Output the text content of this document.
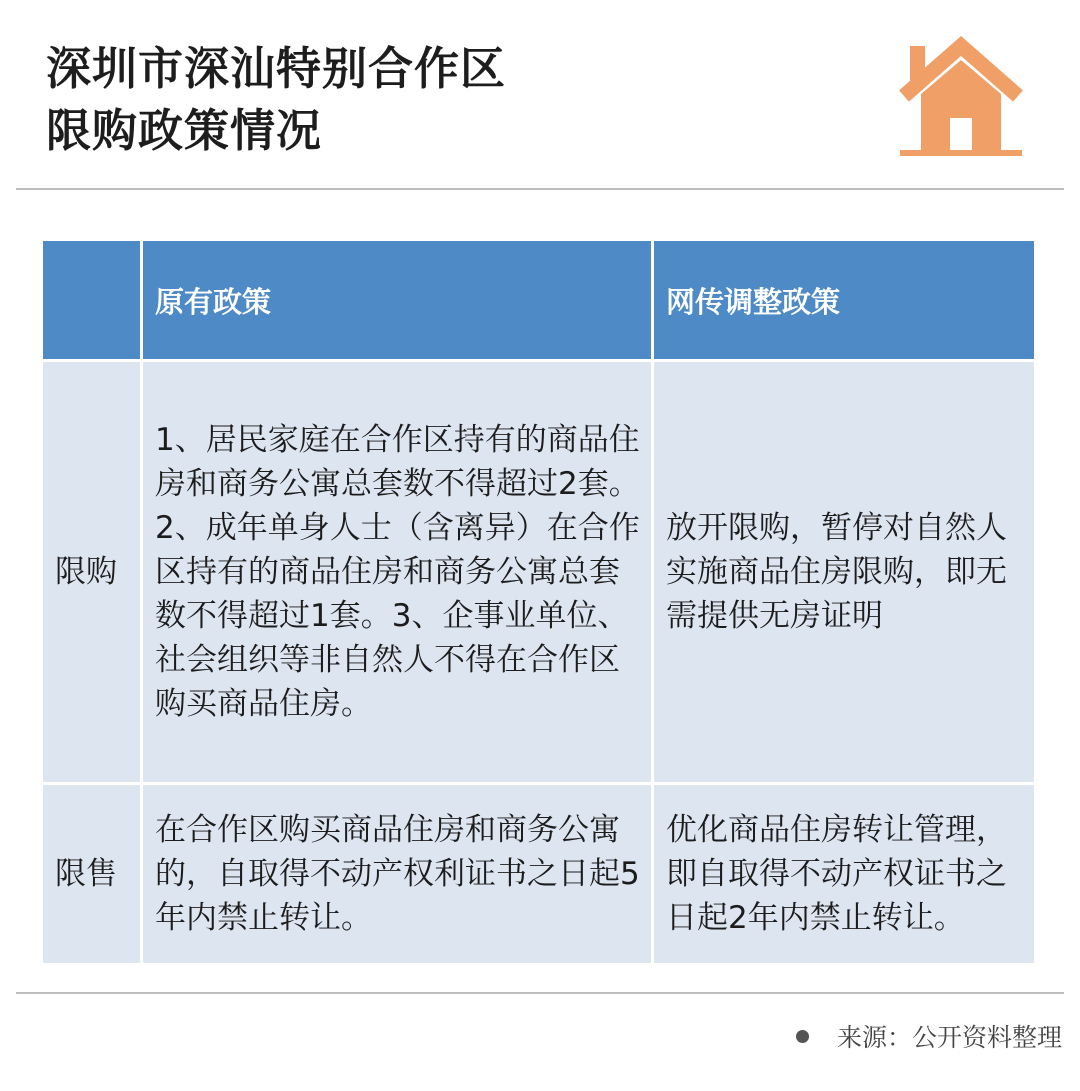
深圳市深汕特别合作区
限购政策情况
	原有政策	网传调整政策
限购	1、居民家庭在合作区持有的商品住房和商务公寓总套数不得超过2套。2、成年单身人士（含离异）在合作区持有的商品住房和商务公寓总套数不得超过1套。3、企事业单位、社会组织等非自然人不得在合作区购买商品住房。	放开限购，暂停对自然人实施商品住房限购，即无需提供无房证明
限售	在合作区购买商品住房和商务公寓的，自取得不动产权利证书之日起5年内禁止转让。	优化商品住房转让管理，即自取得不动产权证书之日起2年内禁止转让。
来源：公开资料整理
